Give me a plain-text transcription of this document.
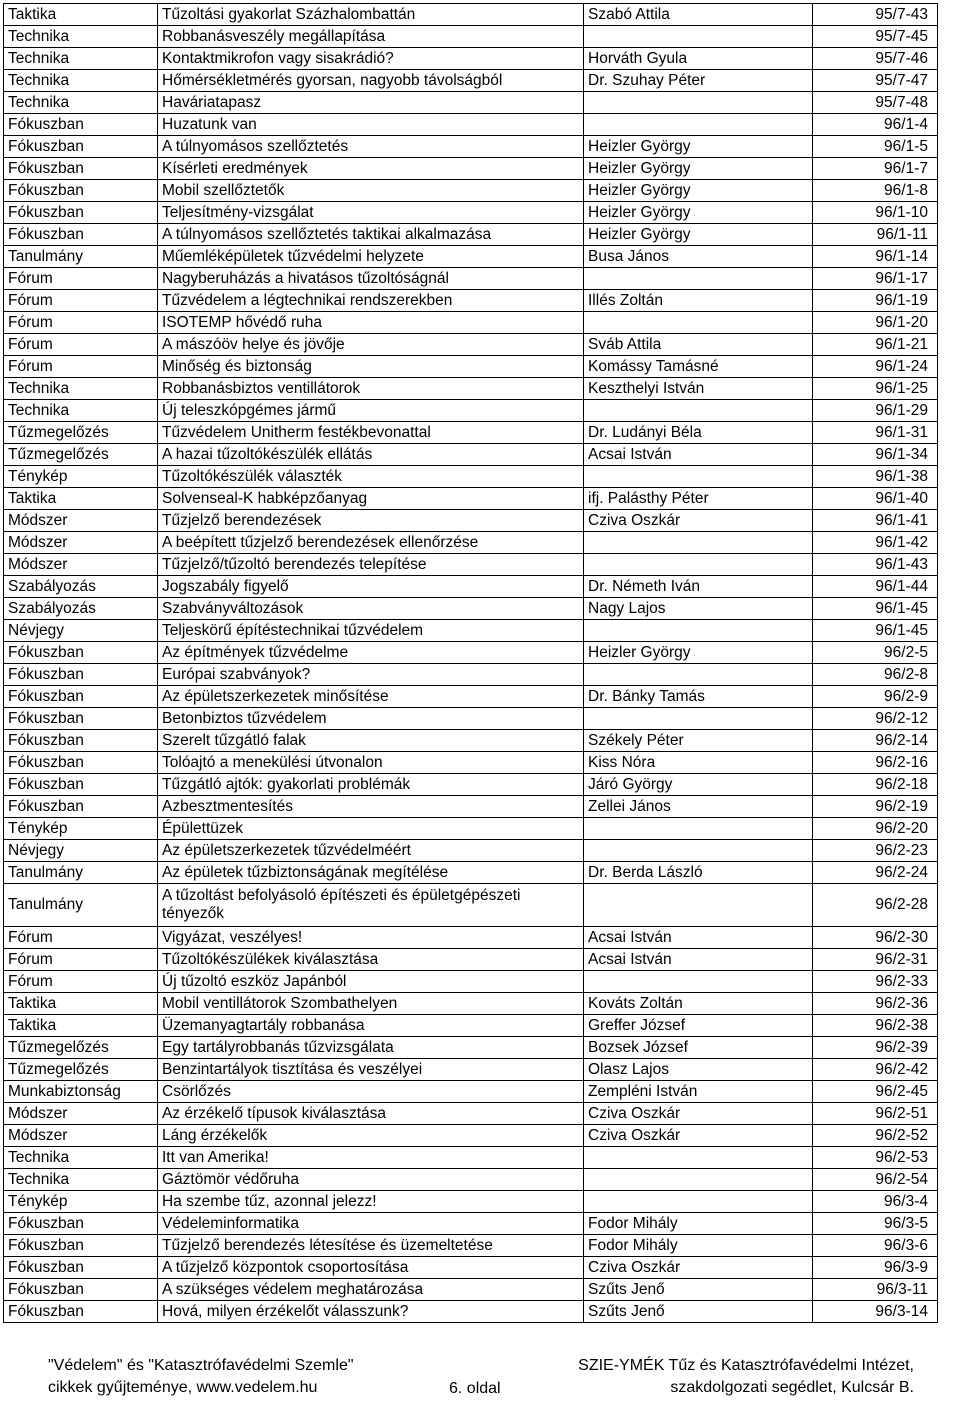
Taktika	Tűzoltási gyakorlat Százhalombattán	Szabó Attila	95/7-43
Technika	Robbanásveszély megállapítása		95/7-45
Technika	Kontaktmikrofon vagy sisakrádió?	Horváth Gyula	95/7-46
Technika	Hőmérsékletmérés gyorsan, nagyobb távolságból	Dr. Szuhay Péter	95/7-47
Technika	Haváriatapasz		95/7-48
Fókuszban	Huzatunk van		96/1-4
Fókuszban	A túlnyomásos szellőztetés	Heizler György	96/1-5
Fókuszban	Kísérleti eredmények	Heizler György	96/1-7
Fókuszban	Mobil szellőztetők	Heizler György	96/1-8
Fókuszban	Teljesítmény-vizsgálat	Heizler György	96/1-10
Fókuszban	A túlnyomásos szellőztetés taktikai alkalmazása	Heizler György	96/1-11
Tanulmány	Műemléképületek tűzvédelmi helyzete	Busa János	96/1-14
Fórum	Nagyberuházás a hivatásos tűzoltóságnál		96/1-17
Fórum	Tűzvédelem a légtechnikai rendszerekben	Illés Zoltán	96/1-19
Fórum	ISOTEMP hővédő ruha		96/1-20
Fórum	A mászóöv helye és jövője	Sváb Attila	96/1-21
Fórum	Minőség és biztonság	Komássy Tamásné	96/1-24
Technika	Robbanásbiztos ventillátorok	Keszthelyi István	96/1-25
Technika	Új teleszkópgémes jármű		96/1-29
Tűzmegelőzés	Tűzvédelem Unitherm festékbevonattal	Dr. Ludányi Béla	96/1-31
Tűzmegelőzés	A hazai tűzoltókészülék ellátás	Acsai István	96/1-34
Ténykép	Tűzoltókészülék választék		96/1-38
Taktika	Solvenseal-K habképzőanyag	ifj. Palásthy Péter	96/1-40
Módszer	Tűzjelző berendezések	Cziva Oszkár	96/1-41
Módszer	A beépített tűzjelző berendezések ellenőrzése		96/1-42
Módszer	Tűzjelző/tűzoltó berendezés telepítése		96/1-43
Szabályozás	Jogszabály figyelő	Dr. Németh Iván	96/1-44
Szabályozás	Szabványváltozások	Nagy Lajos	96/1-45
Névjegy	Teljeskörű építéstechnikai tűzvédelem		96/1-45
Fókuszban	Az építmények tűzvédelme	Heizler György	96/2-5
Fókuszban	Európai szabványok?		96/2-8
Fókuszban	Az épületszerkezetek minősítése	Dr. Bánky Tamás	96/2-9
Fókuszban	Betonbiztos tűzvédelem		96/2-12
Fókuszban	Szerelt tűzgátló falak	Székely Péter	96/2-14
Fókuszban	Tolóajtó a menekülési útvonalon	Kiss Nóra	96/2-16
Fókuszban	Tűzgátló ajtók: gyakorlati problémák	Járó György	96/2-18
Fókuszban	Azbesztmentesítés	Zellei János	96/2-19
Ténykép	Épülettüzek		96/2-20
Névjegy	Az épületszerkezetek tűzvédelméért		96/2-23
Tanulmány	Az épületek tűzbiztonságának megítélése	Dr. Berda László	96/2-24
Tanulmány	A tűzoltást befolyásoló építészeti és épületgépészeti tényezők		96/2-28
Fórum	Vigyázat, veszélyes!	Acsai István	96/2-30
Fórum	Tűzoltókészülékek kiválasztása	Acsai István	96/2-31
Fórum	Új tűzoltó eszköz Japánból		96/2-33
Taktika	Mobil ventillátorok Szombathelyen	Kováts Zoltán	96/2-36
Taktika	Üzemanyagtartály robbanása	Greffer József	96/2-38
Tűzmegelőzés	Egy tartályrobbanás tűzvizsgálata	Bozsek József	96/2-39
Tűzmegelőzés	Benzintartályok tisztítása és veszélyei	Olasz Lajos	96/2-42
Munkabiztonság	Csörlőzés	Zempléni István	96/2-45
Módszer	Az érzékelő típusok kiválasztása	Cziva Oszkár	96/2-51
Módszer	Láng érzékelők	Cziva Oszkár	96/2-52
Technika	Itt van Amerika!		96/2-53
Technika	Gáztömör védőruha		96/2-54
Ténykép	Ha szembe tűz, azonnal jelezz!		96/3-4
Fókuszban	Védeleminformatika	Fodor Mihály	96/3-5
Fókuszban	Tűzjelző berendezés létesítése és üzemeltetése	Fodor Mihály	96/3-6
Fókuszban	A tűzjelző központok csoportosítása	Cziva Oszkár	96/3-9
Fókuszban	A szükséges védelem meghatározása	Szűts Jenő	96/3-11
Fókuszban	Hová, milyen érzékelőt válasszunk?	Szűts Jenő	96/3-14
"Védelem" és "Katasztrófavédelmi Szemle"
cikkek gyűjteménye, www.vedelem.hu	6. oldal
SZIE-YMÉK Tűz és Katasztrófavédelmi Intézet,
szakdolgozati segédlet, Kulcsár B.
